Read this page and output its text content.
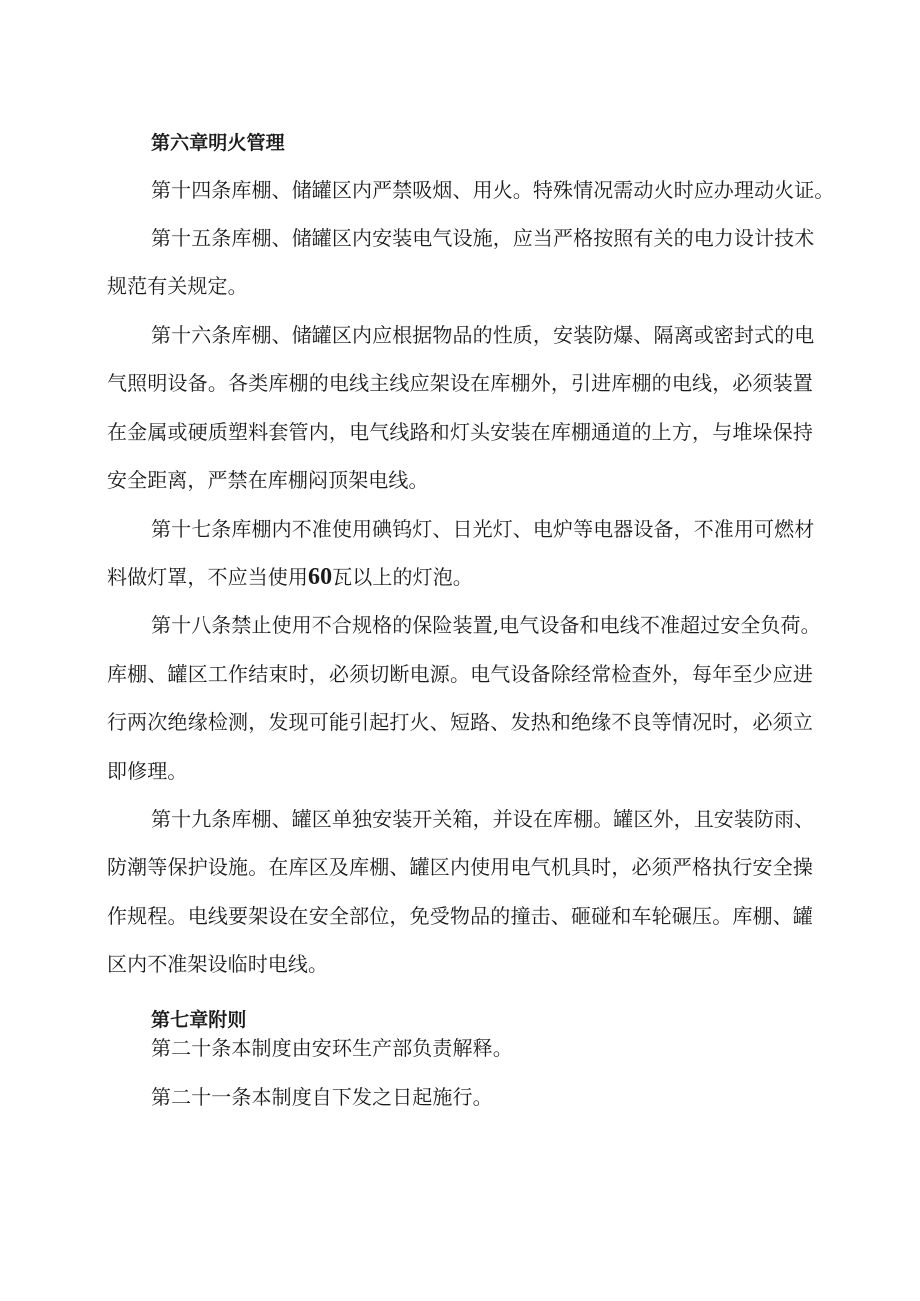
第六章明火管理
第十四条库棚、储罐区内严禁吸烟、用火。特殊情况需动火时应办理动火证。
第十五条库棚、储罐区内安装电气设施，应当严格按照有关的电力设计技术
规范有关规定。
第十六条库棚、储罐区内应根据物品的性质，安装防爆、隔离或密封式的电
气照明设备。各类库棚的电线主线应架设在库棚外，引进库棚的电线，必须装置
在金属或硬质塑料套管内，电气线路和灯头安装在库棚通道的上方，与堆垛保持
安全距离，严禁在库棚闷顶架电线。
第十七条库棚内不准使用碘钨灯、日光灯、电炉等电器设备，不准用可燃材
料做灯罩，不应当使用60瓦以上的灯泡。
第十八条禁止使用不合规格的保险装置,电气设备和电线不准超过安全负荷。
库棚、罐区工作结束时，必须切断电源。电气设备除经常检查外，每年至少应进
行两次绝缘检测，发现可能引起打火、短路、发热和绝缘不良等情况时，必须立
即修理。
第十九条库棚、罐区单独安装开关箱，并设在库棚。罐区外，且安装防雨、
防潮等保护设施。在库区及库棚、罐区内使用电气机具时，必须严格执行安全操
作规程。电线要架设在安全部位，免受物品的撞击、砸碰和车轮碾压。库棚、罐
区内不准架设临时电线。
第七章附则
第二十条本制度由安环生产部负责解释。
第二十一条本制度自下发之日起施行。
